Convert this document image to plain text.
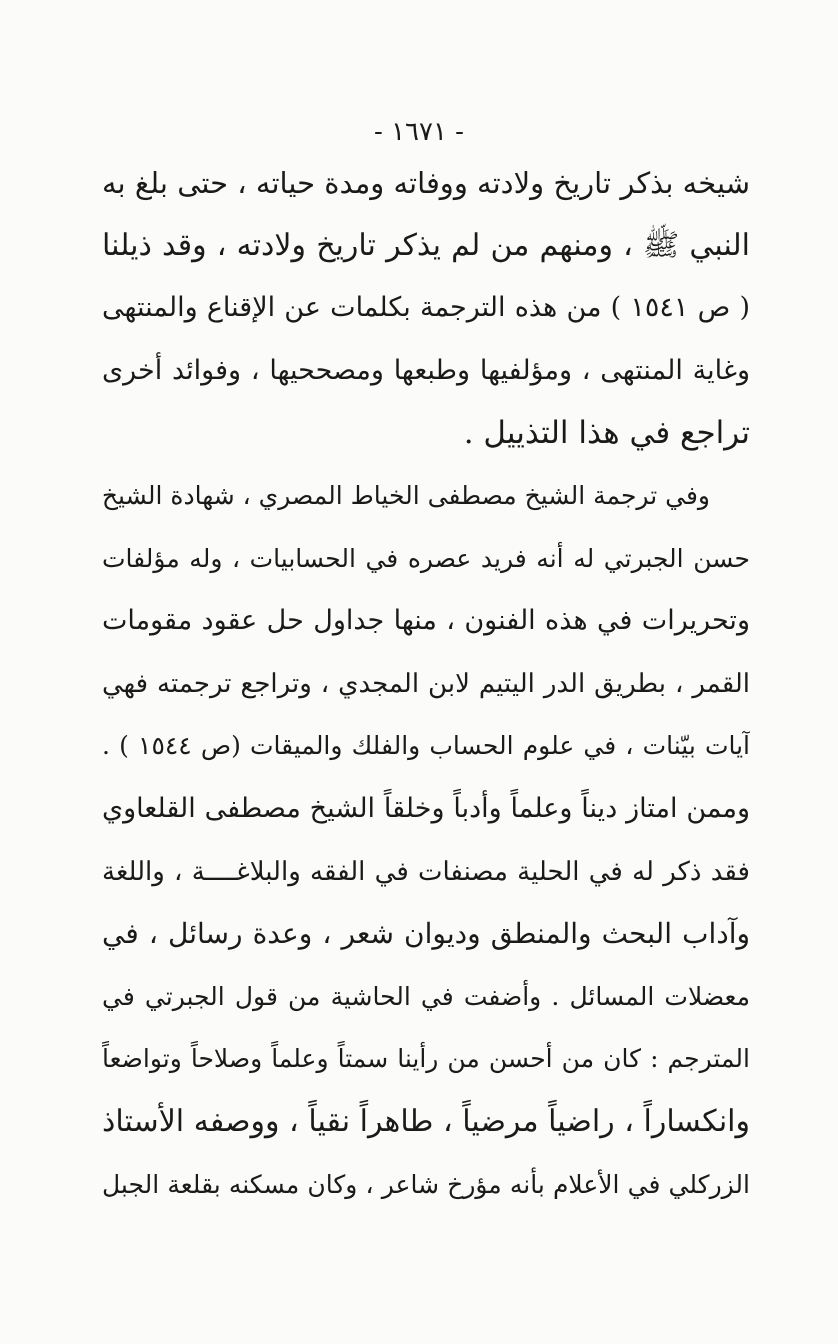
- ١٦٧١ -
شيخه بذكر تاريخ ولادته ووفاته ومدة حياته ، حتى بلغ به
النبي ﷺ ، ومنهم من لم يذكر تاريخ ولادته ، وقد ذيلنا
( ص ١٥٤١ ) من هذه الترجمة بكلمات عن الإقناع والمنتهى
وغاية المنتهى ، ومؤلفيها وطبعها ومصححيها ، وفوائد أخرى
تراجع في هذا التذييل .
وفي ترجمة الشيخ مصطفى الخياط المصري ، شهادة الشيخ
حسن الجبرتي له أنه فريد عصره في الحسابيات ، وله مؤلفات
وتحريرات في هذه الفنون ، منها جداول حل عقود مقومات
القمر ، بطريق الدر اليتيم لابن المجدي ، وتراجع ترجمته فهي
آيات بيّنات ، في علوم الحساب والفلك والميقات (ص ١٥٤٤ ) .
وممن امتاز ديناً وعلماً وأدباً وخلقاً الشيخ مصطفى القلعاوي
فقد ذكر له في الحلية مصنفات في الفقه والبلاغــــة ، واللغة
وآداب البحث والمنطق وديوان شعر ، وعدة رسائل ، في
معضلات المسائل . وأضفت في الحاشية من قول الجبرتي في
المترجم : كان من أحسن من رأينا سمتاً وعلماً وصلاحاً وتواضعاً
وانكساراً ، راضياً مرضياً ، طاهراً نقياً ، ووصفه الأستاذ
الزركلي في الأعلام بأنه مؤرخ شاعر ، وكان مسكنه بقلعة الجبل
